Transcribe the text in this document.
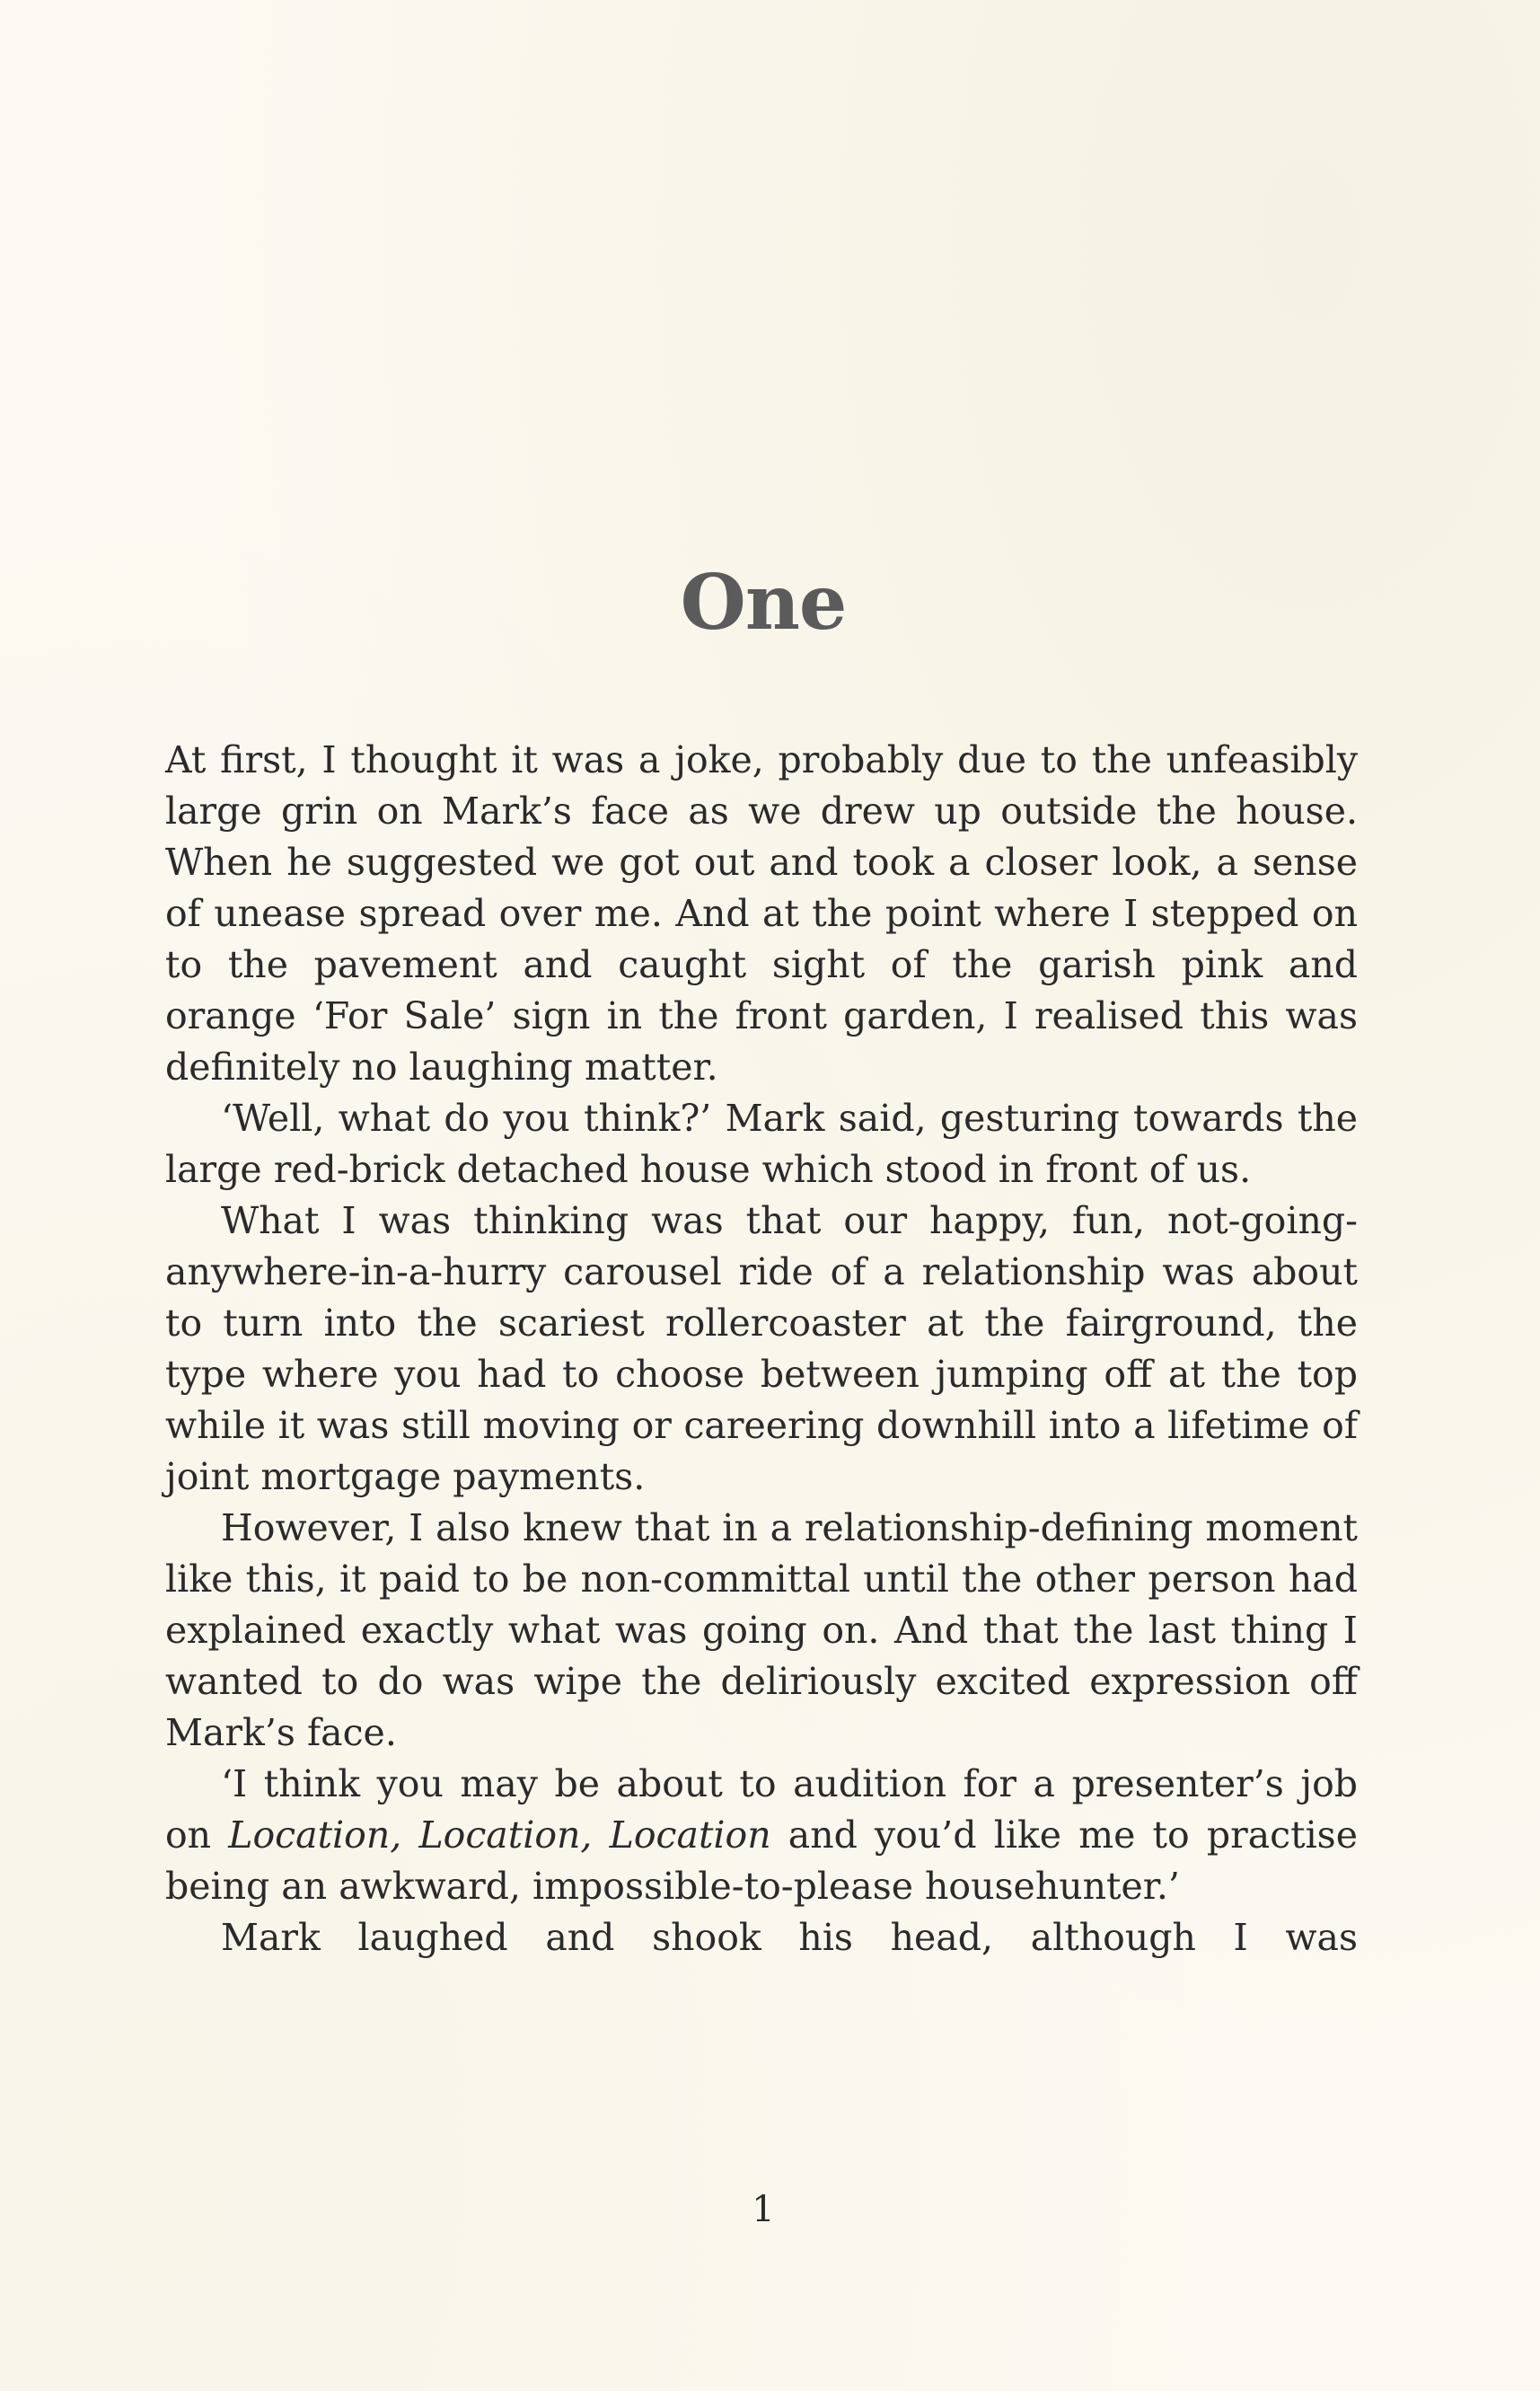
One

At first, I thought it was a joke, probably due to the unfeasibly large grin on Mark’s face as we drew up outside the house. When he suggested we got out and took a closer look, a sense of unease spread over me. And at the point where I stepped on to the pavement and caught sight of the garish pink and orange ‘For Sale’ sign in the front garden, I realised this was definitely no laughing matter.

‘Well, what do you think?’ Mark said, gesturing towards the large red-brick detached house which stood in front of us.

What I was thinking was that our happy, fun, not-going-anywhere-in-a-hurry carousel ride of a relationship was about to turn into the scariest rollercoaster at the fairground, the type where you had to choose between jumping off at the top while it was still moving or careering downhill into a lifetime of joint mortgage payments.

However, I also knew that in a relationship-defining moment like this, it paid to be non-committal until the other person had explained exactly what was going on. And that the last thing I wanted to do was wipe the deliriously excited expression off Mark’s face.

‘I think you may be about to audition for a presenter’s job on Location, Location, Location and you’d like me to practise being an awkward, impossible-to-please househunter.’

Mark laughed and shook his head, although I was

1
